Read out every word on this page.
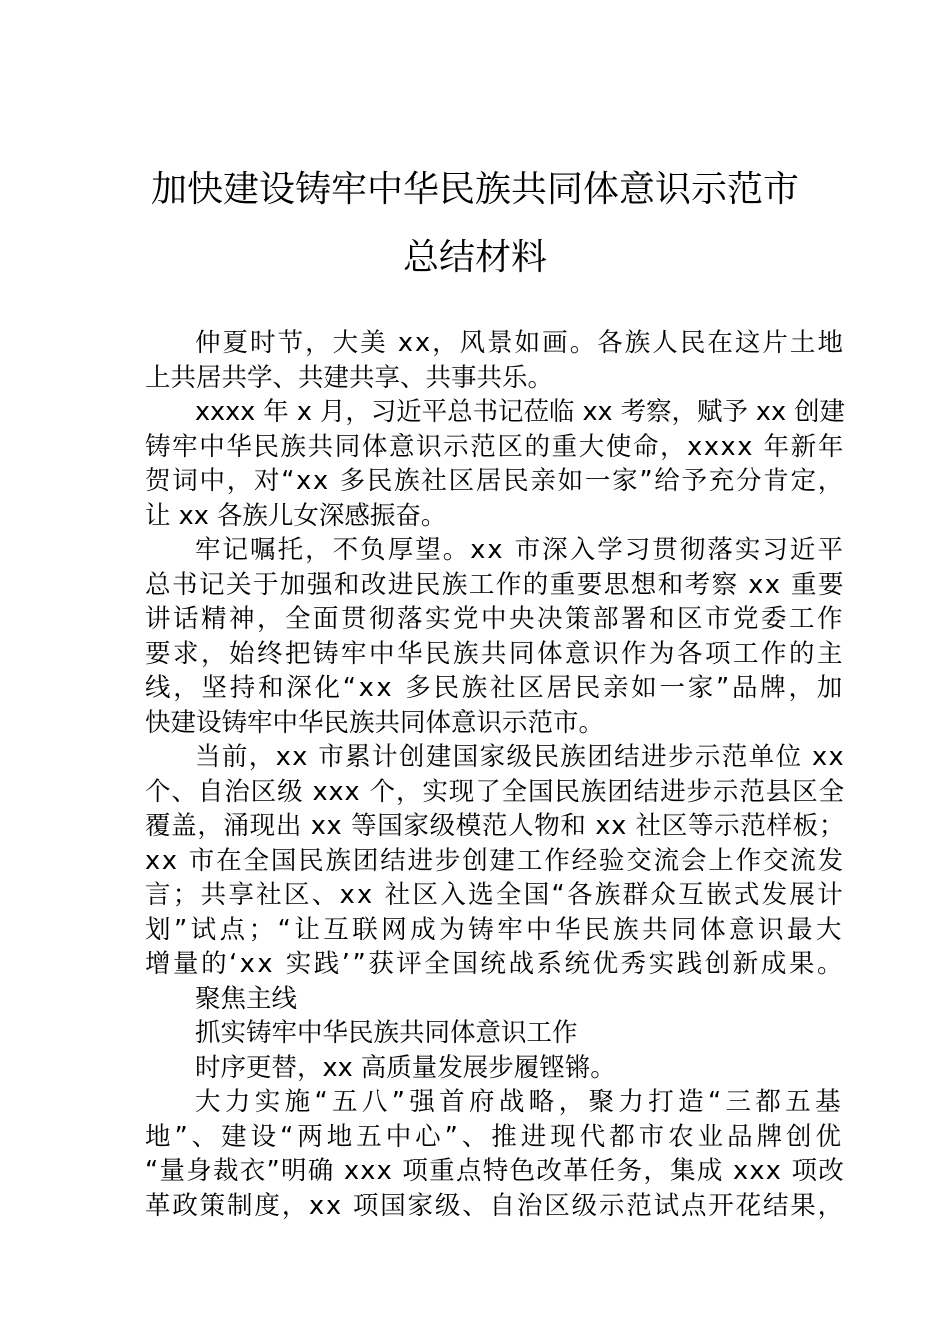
加快建设铸牢中华民族共同体意识示范市
总结材料
仲夏时节，大美 xx，风景如画。各族人民在这片土地
上共居共学、共建共享、共事共乐。
xxxx 年 x 月，习近平总书记莅临 xx 考察，赋予 xx 创建
铸牢中华民族共同体意识示范区的重大使命，xxxx 年新年
贺词中，对“xx 多民族社区居民亲如一家”给予充分肯定，
让 xx 各族儿女深感振奋。
牢记嘱托，不负厚望。xx 市深入学习贯彻落实习近平
总书记关于加强和改进民族工作的重要思想和考察 xx 重要
讲话精神，全面贯彻落实党中央决策部署和区市党委工作
要求，始终把铸牢中华民族共同体意识作为各项工作的主
线，坚持和深化“xx 多民族社区居民亲如一家”品牌，加
快建设铸牢中华民族共同体意识示范市。
当前，xx 市累计创建国家级民族团结进步示范单位 xx
个、自治区级 xxx 个，实现了全国民族团结进步示范县区全
覆盖，涌现出 xx 等国家级模范人物和 xx 社区等示范样板；
xx 市在全国民族团结进步创建工作经验交流会上作交流发
言；共享社区、xx 社区入选全国“各族群众互嵌式发展计
划”试点；“让互联网成为铸牢中华民族共同体意识最大
增量的‘xx 实践’”获评全国统战系统优秀实践创新成果。
聚焦主线
抓实铸牢中华民族共同体意识工作
时序更替，xx 高质量发展步履铿锵。
大力实施“五八”强首府战略，聚力打造“三都五基
地”、建设“两地五中心”、推进现代都市农业品牌创优
“量身裁衣”明确 xxx 项重点特色改革任务，集成 xxx 项改
革政策制度，xx 项国家级、自治区级示范试点开花结果，
